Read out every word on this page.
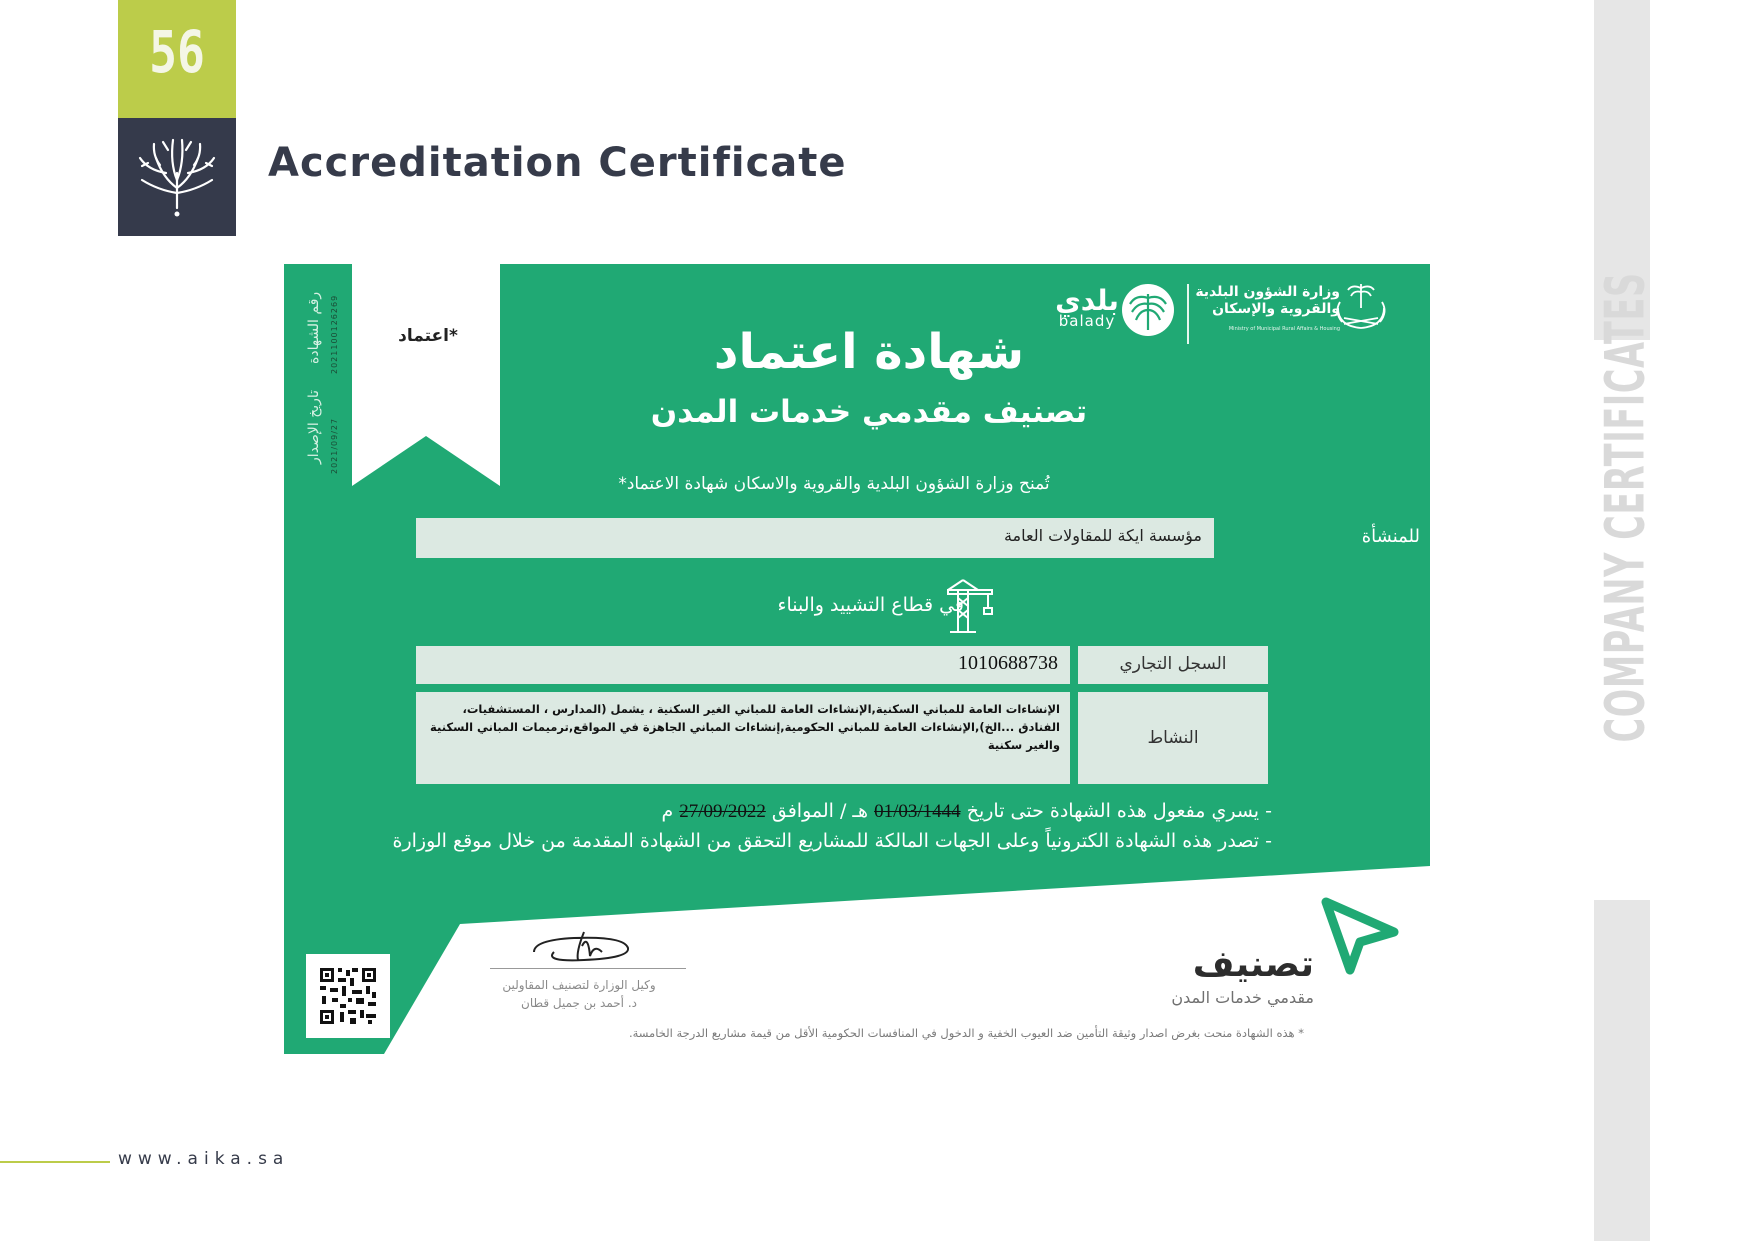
56
Accreditation Certificate
COMPANY CERTIFICATES
www.aika.sa
*اعتماد
رقم الشهادة 2021100126269
تاريخ الإصدار 2021/09/27
وزارة الشؤون البلدية
والقروية والإسكان
Ministry of Municipal Rural Affairs & Housing
بلدي
balady
شهادة اعتماد
تصنيف مقدمي خدمات المدن
تُمنح وزارة الشؤون البلدية والقروية والاسكان شهادة الاعتماد*
مؤسسة ايكة للمقاولات العامة	للمنشأة
في قطاع التشييد والبناء
السجل التجاري
1010688738
النشاط
الإنشاءات العامة للمباني السكنية,الإنشاءات العامة للمباني الغير السكنية ، يشمل (المدارس ، المستشفيات، الفنادق ...الخ),الإنشاءات العامة للمباني الحكومية,إنشاءات المباني الجاهزة في المواقع,ترميمات المباني السكنية والغير سكنية
- يسري مفعول هذه الشهادة حتى تاريخ 01/03/1444 هـ / الموافق 27/09/2022 م
- تصدر هذه الشهادة الكترونياً وعلى الجهات المالكة للمشاريع التحقق من الشهادة المقدمة من خلال موقع الوزارة
وكيل الوزارة لتصنيف المقاولين
د. أحمد بن جميل قطان
تصنيف
مقدمي خدمات المدن
* هذه الشهادة منحت بغرض اصدار وثيقة التأمين ضد العيوب الخفية و الدخول في المنافسات الحكومية الأقل من قيمة مشاريع الدرجة الخامسة.
